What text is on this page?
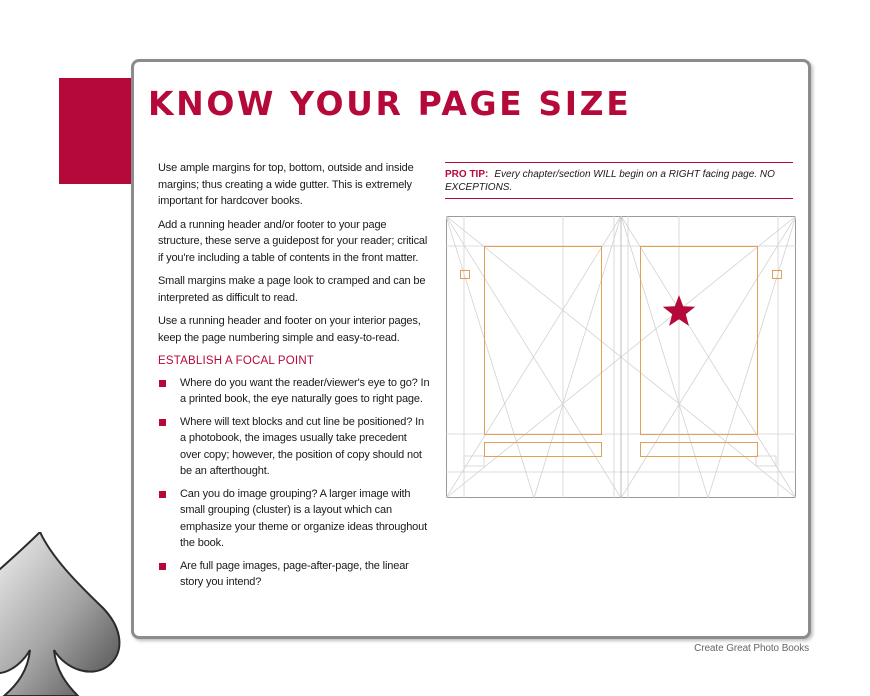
KNOW YOUR PAGE SIZE

Use ample margins for top, bottom, outside and inside margins; thus creating a wide gutter. This is extremely important for hardcover books.

Add a running header and/or footer to your page structure, these serve a guidepost for your reader; critical if you're including a table of contents in the front matter.

Small margins make a page look to cramped and can be interpreted as difficult to read.

Use a running header and footer on your interior pages, keep the page numbering simple and easy-to-read.

ESTABLISH A FOCAL POINT
Where do you want the reader/viewer's eye to go? In a printed book, the eye naturally goes to right page.
Where will text blocks and cut line be positioned? In a photobook, the images usually take precedent over copy; however, the position of copy should not be an afterthought.
Can you do image grouping? A larger image with small grouping (cluster) is a layout which can emphasize your theme or organize ideas throughout the book.
Are full page images, page-after-page, the linear story you intend?
PRO TIP: Every chapter/section WILL begin on a RIGHT facing page. NO EXCEPTIONS.
Create Great Photo Books
